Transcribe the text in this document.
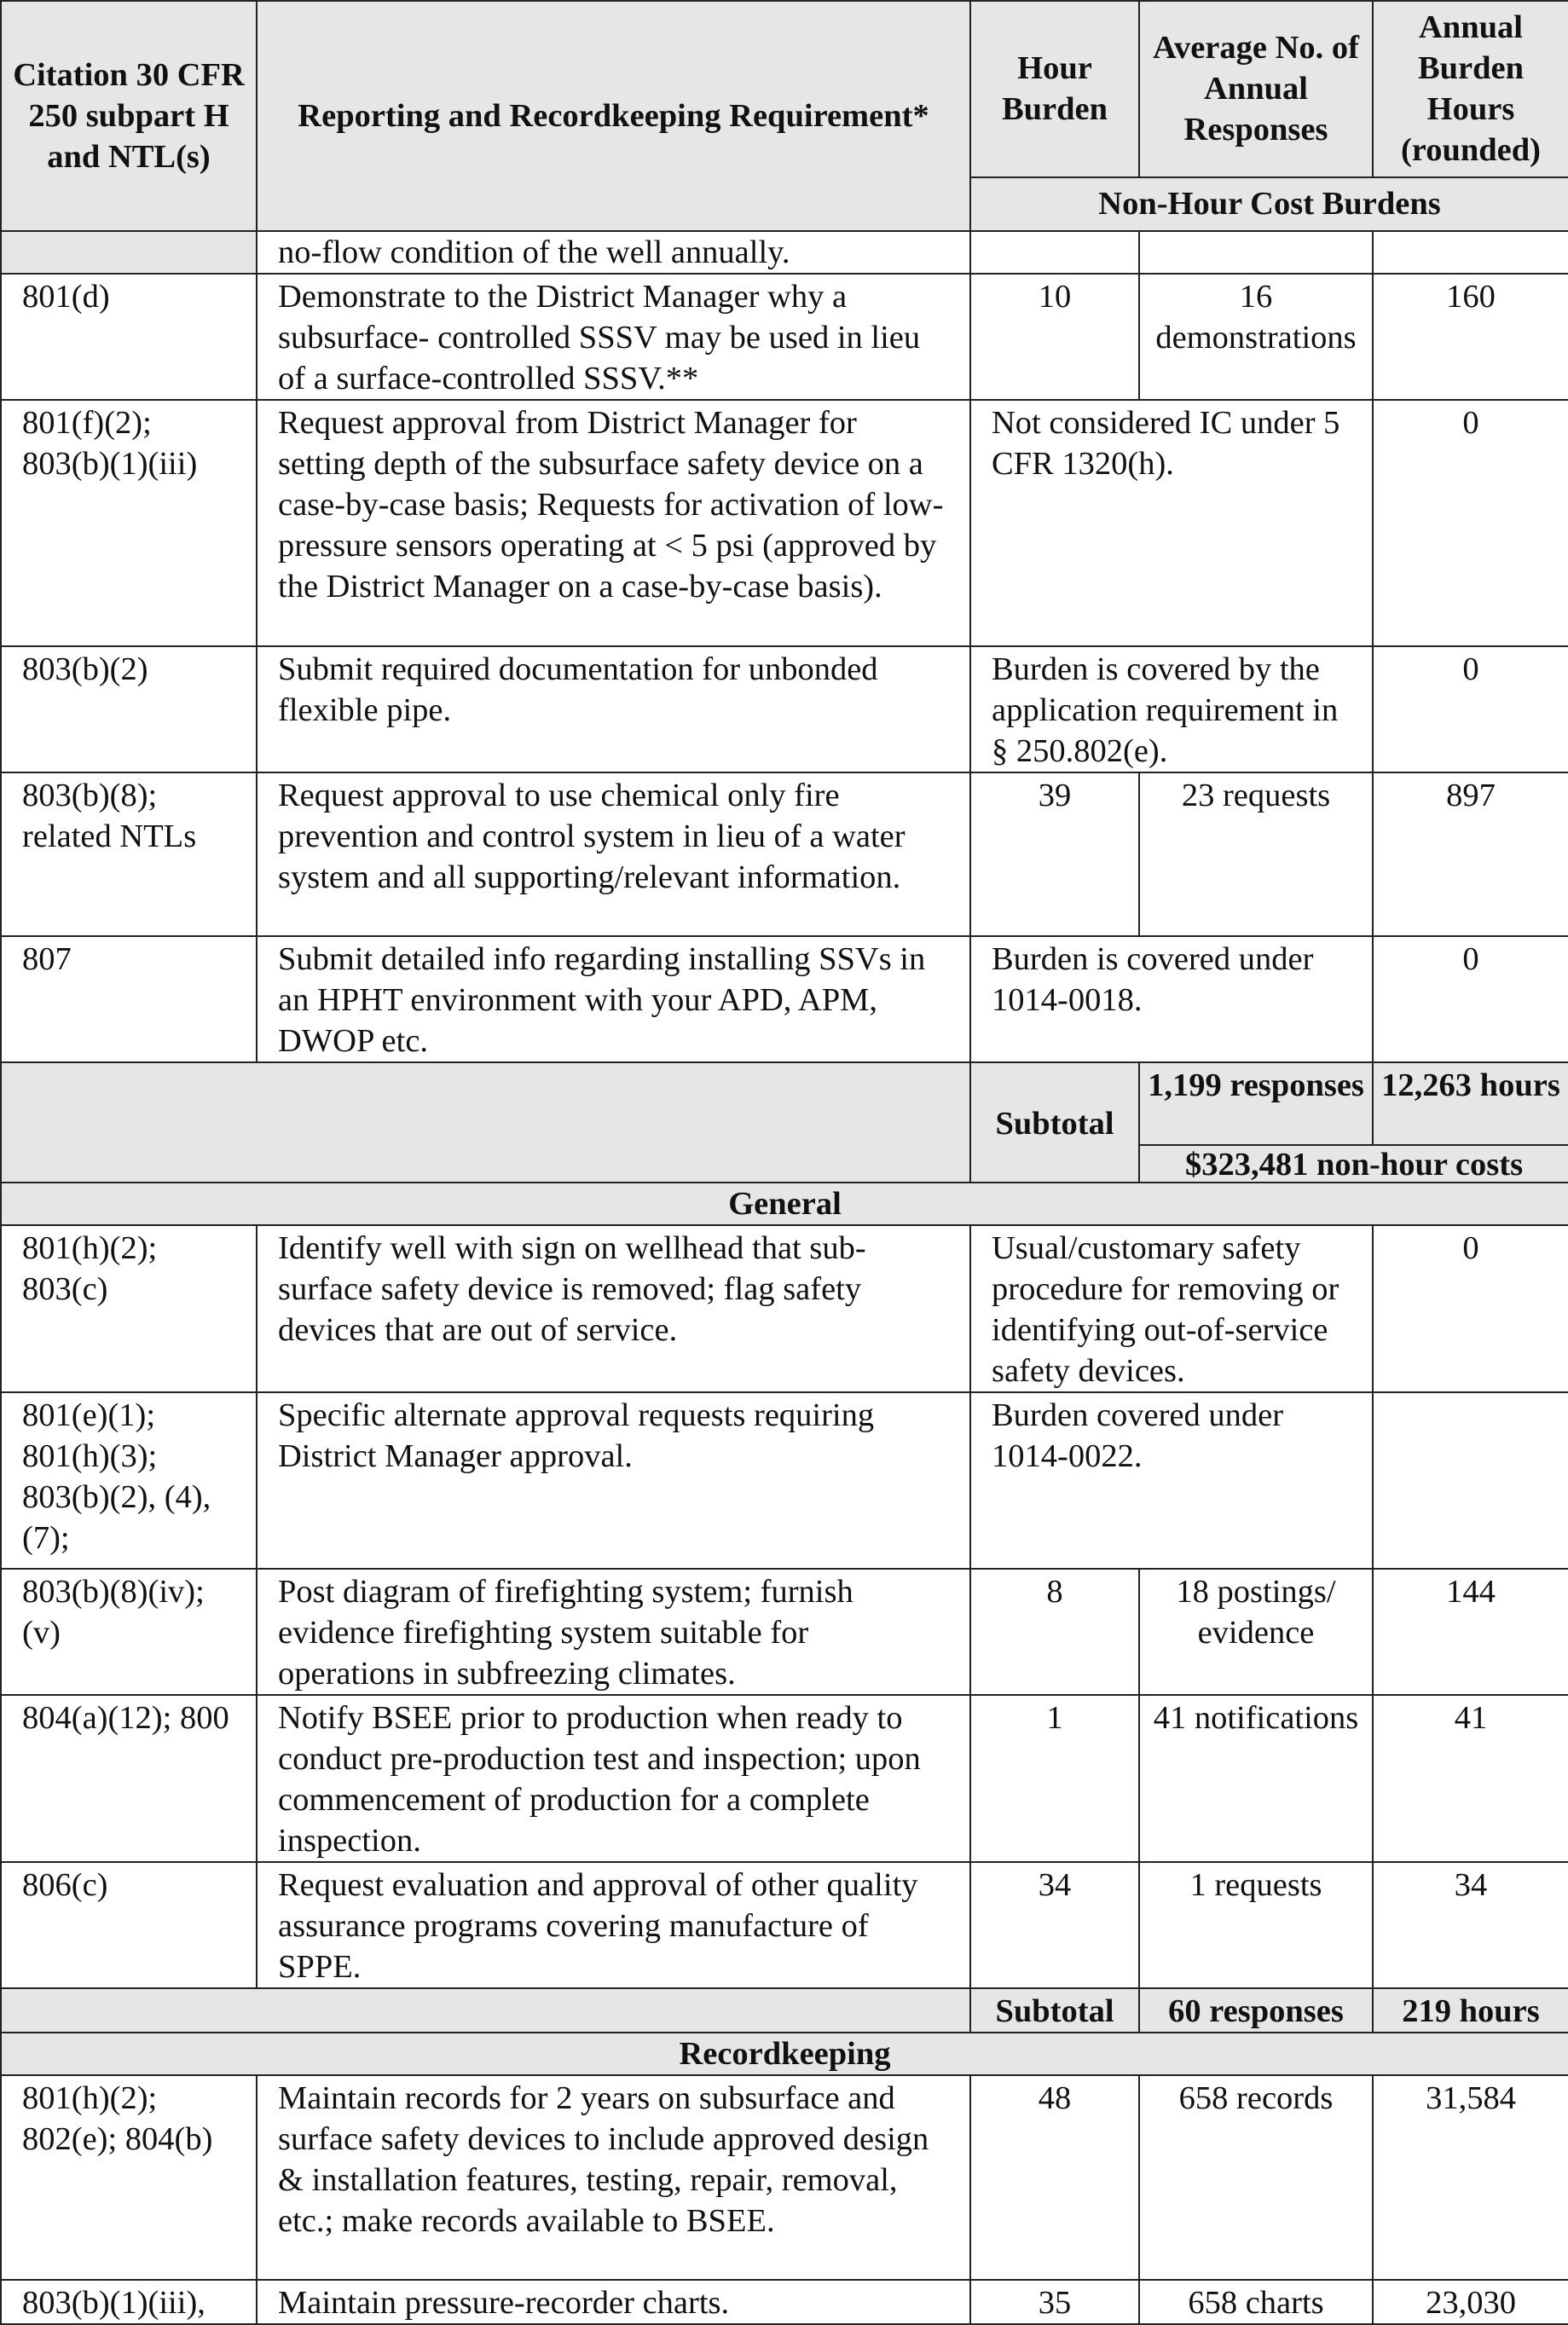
Citation 30 CFR 250 subpart H and NTL(s)	Reporting and Recordkeeping Requirement*	Hour Burden	Average No. of Annual Responses	Annual Burden Hours (rounded)
		Non-Hour Cost Burdens		
	no-flow condition of the well annually.			
801(d)	Demonstrate to the District Manager why a subsurface- controlled SSSV may be used in lieu of a surface-controlled SSSV.**	10	16 demonstrations	160
801(f)(2); 803(b)(1)(iii)	Request approval from District Manager for setting depth of the subsurface safety device on a case-by-case basis; Requests for activation of low-pressure sensors operating at < 5 psi (approved by the District Manager on a case-by-case basis).	Not considered IC under 5 CFR 1320(h).		0
803(b)(2)	Submit required documentation for unbonded flexible pipe.	Burden is covered by the application requirement in § 250.802(e).		0
803(b)(8); related NTLs	Request approval to use chemical only fire prevention and control system in lieu of a water system and all supporting/relevant information.	39	23 requests	897
807	Submit detailed info regarding installing SSVs in an HPHT environment with your APD, APM, DWOP etc.	Burden is covered under 1014-0018.		0
		Subtotal	1,199 responses	12,263 hours
			$323,481 non-hour costs	
General				
801(h)(2); 803(c)	Identify well with sign on wellhead that sub-surface safety device is removed; flag safety devices that are out of service.	Usual/customary safety procedure for removing or identifying out-of-service safety devices.		0
801(e)(1); 801(h)(3); 803(b)(2), (4), (7);	Specific alternate approval requests requiring District Manager approval.	Burden covered under 1014-0022.		
803(b)(8)(iv); (v)	Post diagram of firefighting system; furnish evidence firefighting system suitable for operations in subfreezing climates.	8	18 postings/ evidence	144
804(a)(12); 800	Notify BSEE prior to production when ready to conduct pre-production test and inspection; upon commencement of production for a complete inspection.	1	41 notifications	41
806(c)	Request evaluation and approval of other quality assurance programs covering manufacture of SPPE.	34	1 requests	34
		Subtotal	60 responses	219 hours
Recordkeeping				
801(h)(2); 802(e); 804(b)	Maintain records for 2 years on subsurface and surface safety devices to include approved design & installation features, testing, repair, removal, etc.; make records available to BSEE.	48	658 records	31,584
803(b)(1)(iii),	Maintain pressure-recorder charts.	35	658 charts	23,030
